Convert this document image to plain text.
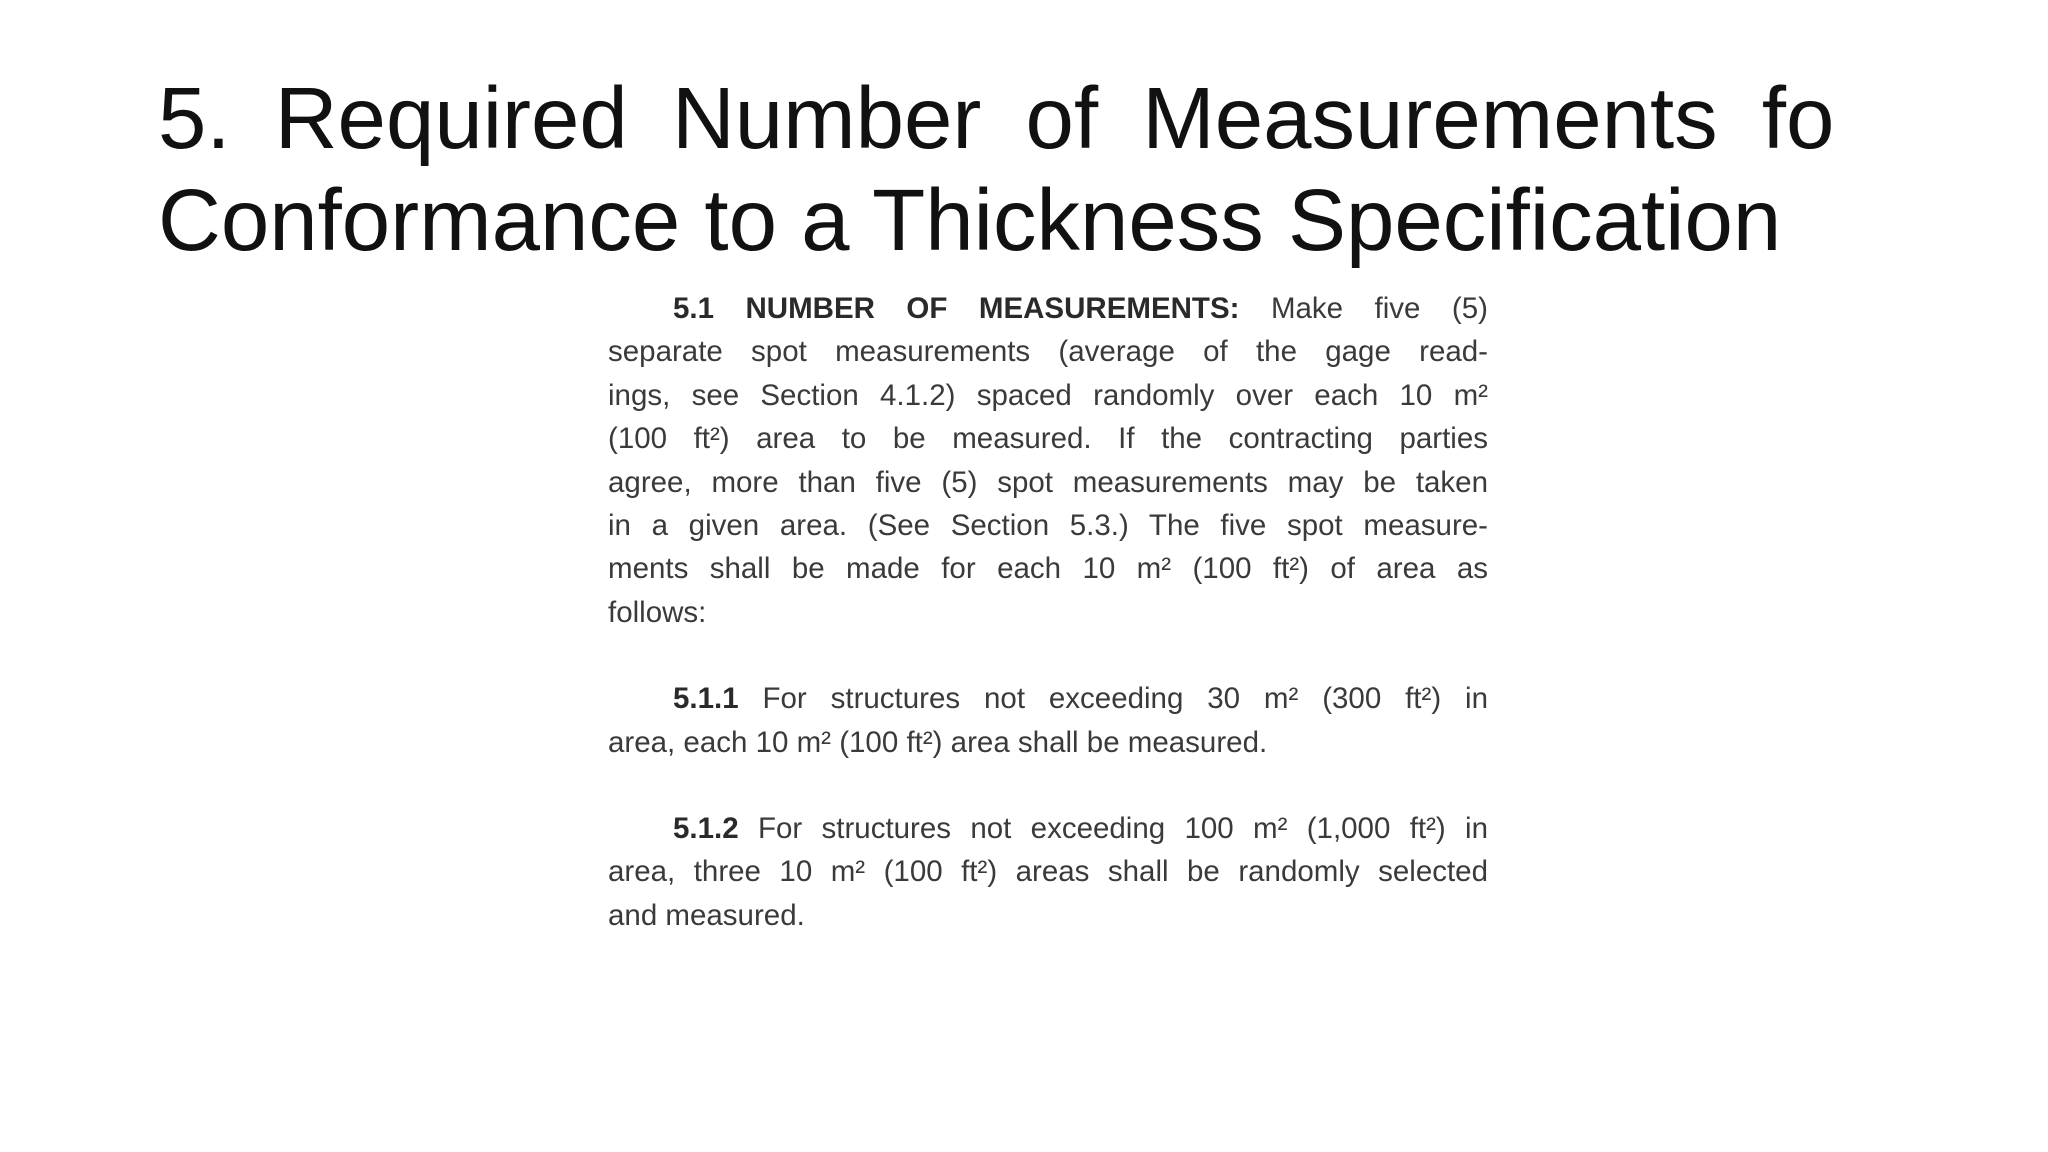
5. Required Number of Measurements fo
Conformance to a Thickness Specification

5.1 NUMBER OF MEASUREMENTS: Make five (5)
separate spot measurements (average of the gage read-
ings, see Section 4.1.2) spaced randomly over each 10 m²
(100 ft²) area to be measured. If the contracting parties
agree, more than five (5) spot measurements may be taken
in a given area. (See Section 5.3.) The five spot measure-
ments shall be made for each 10 m² (100 ft²) of area as
follows:

5.1.1 For structures not exceeding 30 m² (300 ft²) in
area, each 10 m² (100 ft²) area shall be measured.

5.1.2 For structures not exceeding 100 m² (1,000 ft²) in
area, three 10 m² (100 ft²) areas shall be randomly selected
and measured.
